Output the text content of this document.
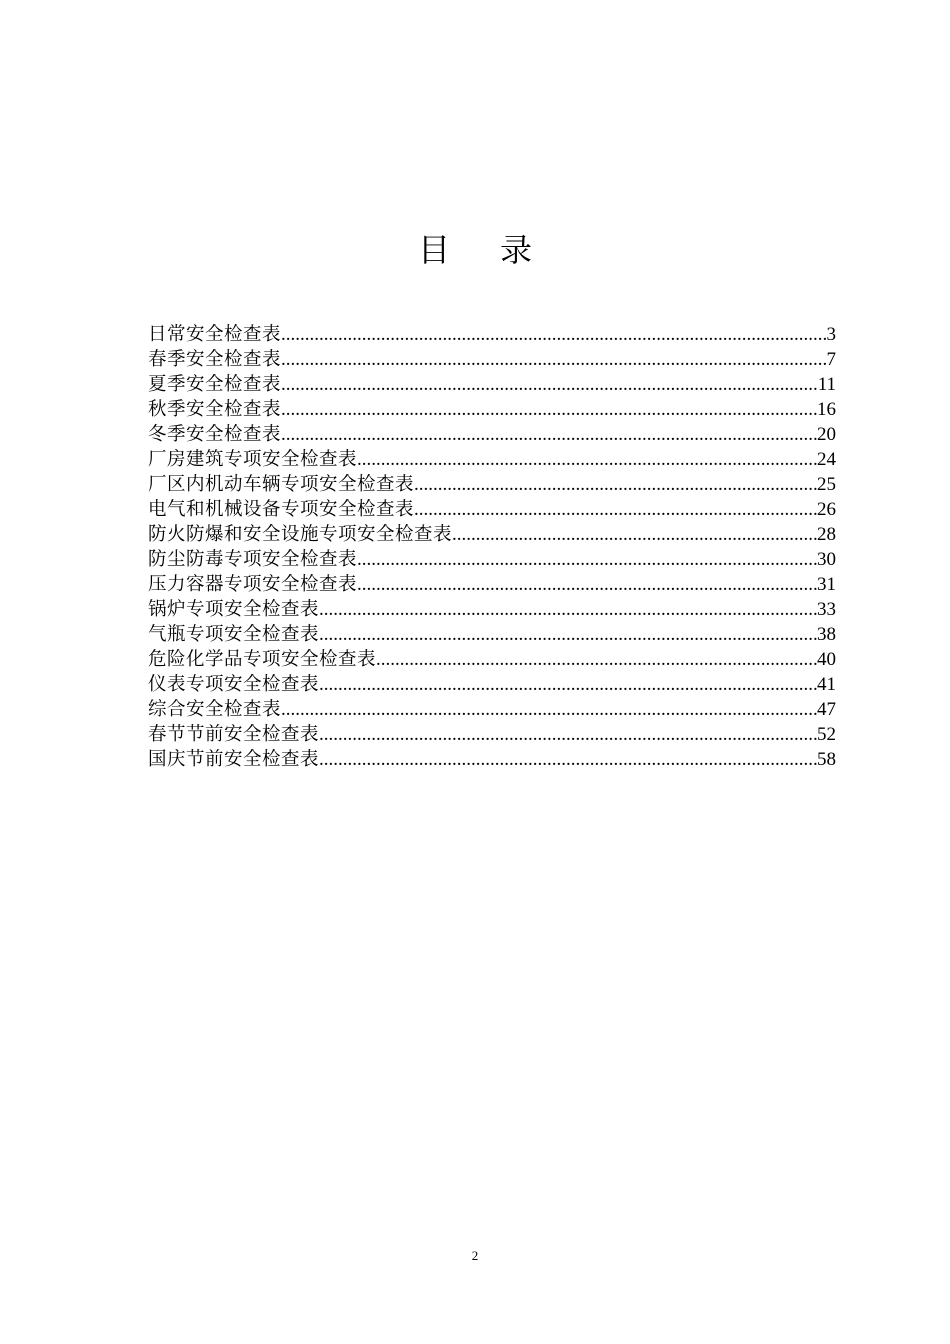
目 录
日常安全检查表 .....	3
春季安全检查表 .....	7
夏季安全检查表 .....	11
秋季安全检查表 .....	16
冬季安全检查表 .....	20
厂房建筑专项安全检查表 .....	24
厂区内机动车辆专项安全检查表 .....	25
电气和机械设备专项安全检查表 .....	26
防火防爆和安全设施专项安全检查表 .....	28
防尘防毒专项安全检查表 .....	30
压力容器专项安全检查表 .....	31
锅炉专项安全检查表 .....	33
气瓶专项安全检查表 .....	38
危险化学品专项安全检查表 .....	40
仪表专项安全检查表 .....	41
综合安全检查表 .....	47
春节节前安全检查表 .....	52
国庆节前安全检查表 .....	58
2
